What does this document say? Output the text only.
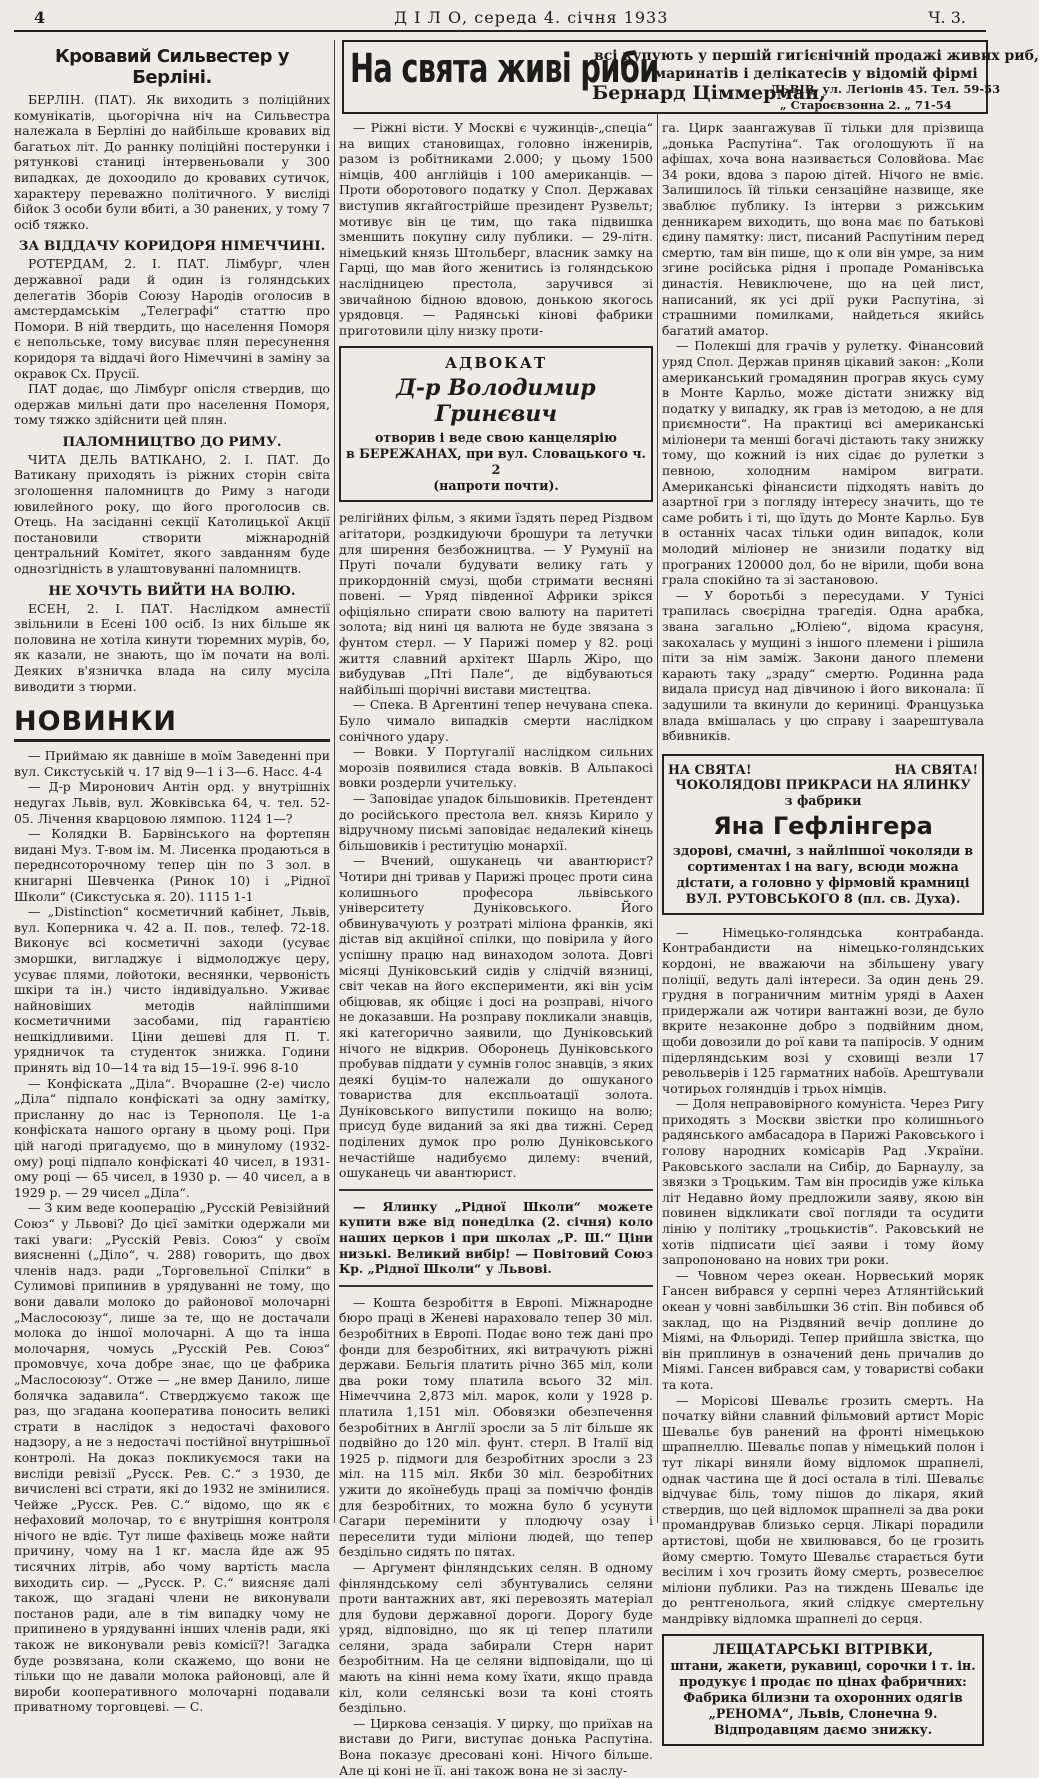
4	Д І Л О, середа 4. січня 1933	Ч. 3.
На свята живі риби
всі купують у першій гигієнічній продажі живих риб,
маринатів і делікатесів у відомій фірмі
Бернард Ціммерман,
ЛЬВІВ, ул. Легіонів 45. Тел. 59-53
„ Староєвзонна 2. „ 71-54
Кровавий Сильвестер у Берліні.

БЕРЛІН. (ПАТ). Як виходить з поліційних комунікатів, цьогорічна ніч на Сильвестра належала в Берліні до найбільше кровавих від багатьох літ. До раннку поліційні постерунки і рятункові станиці інтервеньовали у 300 випадках, де дохоодило до кровавих сутичок, характеру переважно політичного. У висліді бійок 3 особи були вбиті, а 30 ранених, у тому 7 осіб тяжко.

ЗА ВІДДАЧУ КОРИДОРЯ НІМЕЧЧИНІ.

РОТЕРДАМ, 2. І. ПАТ. Лімбург, член державної ради й один із голяндських делегатів Зборів Союзу Народів оголосив в амстердамськім „Телеграфі“ статтю про Помори. В ній твердить, що населення Поморя є непольське, тому висуває плян пересунення коридоря та віддачі його Німеччині в заміну за окравок Сх. Прусії.

ПАТ додає, що Лімбург опісля ствердив, що одержав мильні дати про населення Поморя, тому тяжко здійснити цей плян.

ПАЛОМНИЦТВО ДО РИМУ.

ЧИТА ДЕЛЬ ВАТІКАНО, 2. І. ПАТ. До Ватикану приходять із ріжних сторін світа зголошення паломництв до Риму з нагоди ювилейного року, що його проголосив св. Отець. На засіданні секції Католицької Акції постановили створити міжнародній центральний Комітет, якого завданням буде однозгідність в улаштовуванні паломництв.

НЕ ХОЧУТЬ ВИЙТИ НА ВОЛЮ.

ЕСЕН, 2. І. ПАТ. Наслідком амнестії звільнили в Есені 100 осіб. Із них більше як половина не хотіла кинути тюремних мурів, бо, як казали, не знають, що їм почати на волі. Деяких в'язничка влада на силу мусіла виводити з тюрми.

НОВИНКИ

— Приймаю як давніше в моїм Заведенні при вул. Сикстуській ч. 17 від 9—1 і 3—6. Насс. 4-4

— Д-р Миронович Антін орд. у внутрішніх недугах Львів, вул. Жовківська 64, ч. тел. 52-05. Лічення кварцовою лямпою. 1124 1—?

— Колядки В. Барвінського на фортепян видані Муз. Т-вом ім. М. Лисенка продаються в переднсоторочному тепер цін по 3 зол. в книгарні Шевченка (Ринок 10) і „Рідної Школи“ (Сикстуська я. 20). 1115 1-1

— „Distinction“ косметичний кабінет, Львів, вул. Коперника ч. 42 а. II. пов., телеф. 72-18. Виконує всі косметичні заходи (усуває зморшки, вигладжує і відмолоджує церу, усуває плями, лойотоки, веснянки, червоність шкіри та ін.) чисто індивідуально. Уживає найновіших методів найліпшими косметичними засобами, під гарантією нешкідливими. Ціни дешеві для П. Т. урядничок та студенток знижка. Години принять від 10—14 та від 15—19-ї. 996 8-10

— Конфіската „Діла“. Вчорашне (2-е) число „Діла“ підпало конфіскаті за одну замітку, присланну до нас із Тернополя. Це 1-а конфіската нашого органу в цьому році. При цій нагоді пригадуємо, що в минулому (1932-ому) році підпало конфіскаті 40 чисел, в 1931-ому році — 65 чисел, в 1930 р. — 40 чисел, а в 1929 р. — 29 чисел „Діла“.

— З ким веде кооперацію „Русскій Ревізійний Союз“ у Львові? До цієї замітки одержали ми такі уваги: „Русскій Ревіз. Союз“ у своїм виясненні („Діло“, ч. 288) говорить, що двох членів надз. ради „Торговельної Спілки“ в Сулимові припинив в урядуванні не тому, що вони давали молоко до районової молочарні „Маслосоюзу“, лише за те, що не достачали молока до іншої молочарні. А що та інша молочарня, чомусь „Русскій Рев. Союз“ промовчує, хоча добре знає, що це фабрика „Маслосоюзу“. Отже — „не вмер Данило, лише болячка задавила“. Стверджуємо також ще раз, що згадана кооператива поносить великі страти в наслідок з недостачі фахового надзору, а не з недостачі постійної внутрішньої контролі. На доказ покликуємося таки на висліди ревізії „Русск. Рев. С.“ з 1930, де вичислені всі страти, які до 1932 не змінилися. Чейже „Русск. Рев. С.“ відомо, що як є нефаховий молочар, то є внутрішня контроля нічого не вдіє. Тут лише фахівець може найти причину, чому на 1 кг. масла йде аж 95 тисячних літрів, або чому вартість масла виходить сир. — „Русск. Р. С.“ виясняє далі також, що згадані члени не виконували постанов ради, але в тім випадку чому не припинено в урядуванні інших членів ради, які також не виконували ревіз комісії?! Загадка буде розвязана, коли скажемо, що вони не тільки що не давали молока районовці, але й вироби кооперативного молочарні подавали приватному торговцеві. — С.

— Ріжні вісти. У Москві є чужинців-„спеціа“ на вищих становищах, головно інженирів, разом із робітниками 2.000; у цьому 1500 німців, 400 англійців і 100 американців. — Проти оборотового податку у Спол. Державах виступив якгайгострійше президент Рузвельт; мотивує він це тим, що така підвишка зменшить покупну силу публики. — 29-літн. німецький князь Штольберг, власник замку на Гарці, що мав його женитись із голяндською наслідницею престола, заручився зі звичайною бідною вдовою, донькою якогось урядовця. — Радянські кінові фабрики приготовили цілу низку проти-

АДВОКАТ
Д-р Володимир Гринєвич
отворив і веде свою канцелярію
в БЕРЕЖАНАХ, при вул. Словацького ч. 2
(напроти почти).

релігійних фільм, з якими їздять перед Різдвом агітатори, роздкидуючи брошури та летучки для ширення безбожництва. — У Румунії на Пруті почали будувати велику гать у прикордонній смузі, щоби стримати весняні повені. — Уряд південної Африки зрікся офіціяльно спирати свою валюту на паритеті золота; від нині ця валюта не буде звязана з фунтом стерл. — У Парижі помер у 82. році життя славний архітект Шарль Жіро, що вибудував „Пті Пале“, де відбуваються найбільші щорічні вистави мистецтва.

— Спека. В Аргентині тепер нечувана спека. Було чимало випадків смерти наслідком сонічного удару.

— Вовки. У Португалії наслідком сильних морозів появилися стада вовків. В Альпакосі вовки роздерли учительку.

— Заповідає упадок більшовиків. Претендент до російського престола вел. князь Кирило у відручному письмі заповідає недалекий кінець більшовиків і реституцію монархії.

— Вчений, ошуканець чи авантюрист? Чотири дні тривав у Парижі процес проти сина колишнього професора львівського університету Дуніковського. Його обвинувачують у розтраті міліона франків, які дістав від акційної спілки, що повірила у його успішну працю над винаходом золота. Довгі місяці Дуніковський сидів у слідчій вязниці, світ чекав на його експерименти, які він усім обіцював, як обіцяє і досі на розправі, нічого не доказавши. На розправу покликали знавців, які категорично заявили, що Дуніковський нічого не відкрив. Оборонець Дуніковського пробував піддати у сумнів голос знавців, з яких деякі буцім-то належали до ошуканого товариства для експльоатації золота. Дуніковського випустили покищо на волю; присуд буде виданий за які два тижні. Серед поділених думок про ролю Дуніковського нечастійше надибуємо дилему: вчений, ошуканець чи авантюрист.

— Ялинку „Рідної Школи“ можете купити вже від понеділка (2. січня) коло наших церков і при школах „Р. Ш.“ Ціни низькі. Великий вибір! — Повітовий Союз Кр. „Рідної Школи“ у Львові.

— Кошта безробіття в Европі. Міжнародне бюро праці в Женеві нараховало тепер 30 міл. безробітних в Европі. Подає воно теж дані про фонди для безробітних, які витрачують ріжні держави. Бельгія платить річно 365 міл, коли два роки тому платила всього 32 міл. Німеччина 2,873 міл. марок, коли у 1928 р. платила 1,151 міл. Обовязки обезпечення безробітних в Англії зросли за 5 літ більше як подвійно до 120 міл. фунт. стерл. В Італії від 1925 р. підмоги для безробітних зросли з 23 міл. на 115 міл. Якби 30 міл. безробітних ужити до якоїнебудь праці за поміччю фондів для безробітних, то можна було б усунути Сагари перемінити у плодючу озау і переселити туди міліони людей, що тепер бездільно сидять по пятах.

— Аргумент фінляндських селян. В одному фінляндському селі збунтувались селяни проти вантажних авт, які перевозять матеріал для будови державної дороги. Дорогу буде уряд, відповідно, що як ці тепер платили селяни, зрада забирали Стерн нарит безробітним. На це селяни відповідали, що ці мають на кінні нема кому їхати, якщо правда кіл, коли селянські вози та коні стоять бездільно.

— Циркова сензація. У цирку, що приїхав на вистави до Риги, виступає донька Распутіна. Вона показує дресовані коні. Нічого більше. Але ці коні не її. ані також вона не зі заслу-

га. Цирк заангажував її тільки для прізвища „донька Распутіна“. Так оголошують її на афішах, хоча вона називається Соловйова. Має 34 роки, вдова з парою дітей. Нічого не вміє. Залишилось їй тільки сензаційне назвище, яке зваблює публику. Із інтерви з рижським денникарем виходить, що вона має по батькові єдину памятку: лист, писаний Распутіним перед смертю, там він пише, що к оли він умре, за ним згине російська рідня і пропаде Романівська династія. Невиключене, що на цей лист, написаний, як усі дрії руки Распутіна, зі страшними помилками, найдеться якийсь багатий аматор.

— Полекші для грачів у рулетку. Фінансовий уряд Спол. Держав приняв цікавий закон: „Коли американський громадянин програв якусь суму в Монте Карльо, може дістати знижку від податку у випадку, як грав із методою, а не для приємности“. На практиці всі американські міліонери та менші богачі дістають таку знижку тому, що кожний із них сідає до рулетки з певною, холодним наміром виграти. Американські фінансисти підходять навіть до азартної гри з погляду інтересу значить, що те саме робить і ті, що їдуть до Монте Карльо. Був в останніх часах тільки один випадок, коли молодий міліонер не знизили податку від програних 120000 дол, бо не вірили, щоби вона грала спокійно та зі застановою.

— У боротьбі з пересудами. У Тунісі трапилась своєрідна трагедія. Одна арабка, звана загально „Юліею“, відома красуня, закохалась у мущині з іншого племени і рішила піти за нім заміж. Закони даного племени карають таку „зраду“ смертю. Родинна рада видала присуд над дівчиною і його виконала: її задушили та вкинули до кериниці. Французька влада вмішалась у цю справу і заарештувала вбивників.

НА СВЯТА!	НА СВЯТА!
ЧОКОЛЯДОВІ ПРИКРАСИ НА ЯЛИНКУ
з фабрики
Яна Гефлінгера
здорові, смачні, з найліпшої чоколяди в сортиментах і на вагу, всюди можна дістати, а головно у фірмовій крамниці
ВУЛ. РУТОВСЬКОГО 8 (пл. св. Духа).

— Німецько-голяндська контрабанда. Контрабандисти на німецько-голяндських кордоні, не вважаючи на збільшену увагу поліції, ведуть далі інтереси. За один день 29. грудня в пограничним митнім уряді в Аахен придержали аж чотири вантажні вози, де було вкрите незаконне добро з подвійним дном, щоби довозили до рої кави та папіросів. У одним підерляндським возі у сховищі везли 17 револьверів і 125 гарматних набоїв. Арештували чотирьох голяндців і трьох німців.

— Доля неправовірного комуніста. Через Ригу приходять з Москви звістки про колишнього радянського амбасадора в Парижі Раковського і голову народних комісарів Рад .України. Раковського заслали на Сибір, до Барнаулу, за звязки з Троцьким. Там він просидів уже кілька літ Недавно йому предложили заяву, якою він повинен відкликати свої погляди та осудити лінію у політику „троцькистів“. Раковський не хотів підписати цієї заяви і тому йому запропоновано на нових три роки.

— Човном через океан. Норвеський моряк Гансен вибрався у серпні через Атлянтійський океан у човні завбільшки 36 стіп. Він побився об заклад, що на Різдвяний вечір доплине до Міямі, на Фльориді. Тепер прийшла звістка, що він приплинув в означений день причалив до Міямі. Гансен вибрався сам, у товаристві собаки та кота.

— Морісові Шевальє грозить смерть. На початку війни славний фільмовий артист Моріс Шевальє був ранений на фронті німецькою шрапнеллю. Шевальє попав у німецький полон і тут лікарі виняли йому відломок шрапнелі, однак частина ще й досі остала в тілі. Шевальє відчуває біль, тому пішов до лікаря, який ствердив, що цей відломок шрапнелі за два роки промандрував близько серця. Лікарі порадили артистові, щоби не хвилювався, бо це грозить йому смертю. Томуто Шевальє старається бути весілим і хоч грозить йому смерть, розвеселює міліони публики. Раз на тиждень Шевальє іде до рентгенольога, який слідкує смертельну мандрівку відломка шрапнелі до серця.

ЛЕЩАТАРСЬКІ ВІТРІВКИ,
штани, жакети, рукавиці, сорочки і т. ін. продукує і продає по цінах фабричних: Фабрика білизни та охоронних одягів „РЕНОМА“, Львів, Слонечна 9. Відпродавцям даємо знижку.
